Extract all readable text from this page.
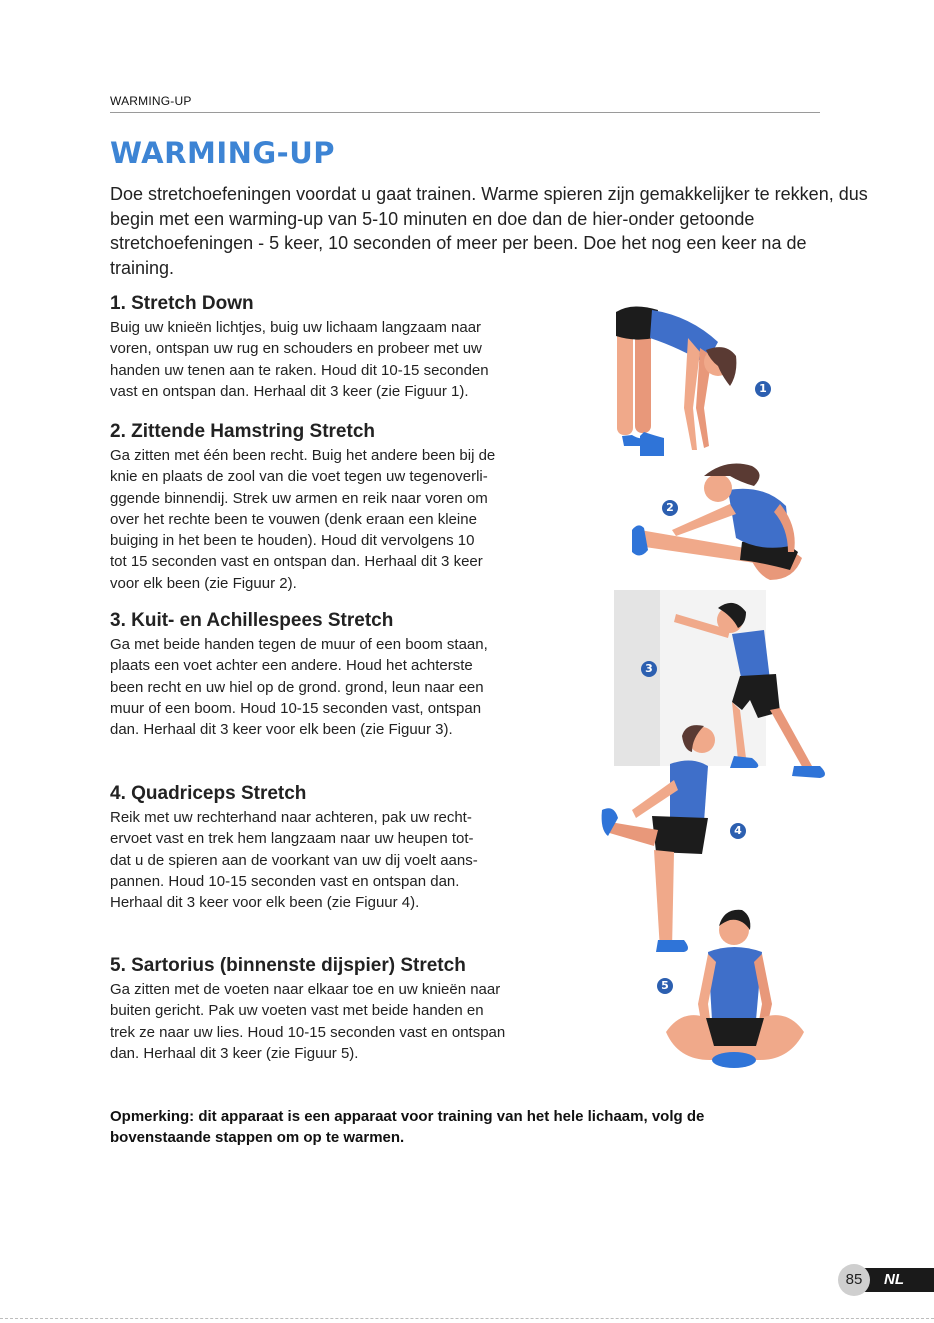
WARMING-UP
WARMING-UP

Doe stretchoefeningen voordat u gaat trainen. Warme spieren zijn gemakkelijker te rekken, dus begin met een warming-up van 5-10 minuten en doe dan de hier-onder getoonde stretchoefeningen - 5 keer, 10 seconden of meer per been. Doe het nog een keer na de training.

1. Stretch Down

Buig uw knieën lichtjes, buig uw lichaam langzaam naar
voren, ontspan uw rug en schouders en probeer met uw
handen uw tenen aan te raken. Houd dit 10-15 seconden
vast en ontspan dan. Herhaal dit 3 keer (zie Figuur 1).

2. Zittende Hamstring Stretch

Ga zitten met één been recht. Buig het andere been bij de
knie en plaats de zool van die voet tegen uw tegenoverli-
ggende binnendij. Strek uw armen en reik naar voren om
over het rechte been te vouwen (denk eraan een kleine
buiging in het been te houden). Houd dit vervolgens 10
tot 15 seconden vast en ontspan dan. Herhaal dit 3 keer
voor elk been (zie Figuur 2).

3. Kuit- en Achillespees Stretch

Ga met beide handen tegen de muur of een boom staan,
plaats een voet achter een andere. Houd het achterste
been recht en uw hiel op de grond. grond, leun naar een
muur of een boom. Houd 10-15 seconden vast, ontspan
dan. Herhaal dit 3 keer voor elk been (zie Figuur 3).

4. Quadriceps Stretch

Reik met uw rechterhand naar achteren, pak uw recht-
ervoet vast en trek hem langzaam naar uw heupen tot-
dat u de spieren aan de voorkant van uw dij voelt aans-
pannen. Houd 10-15 seconden vast en ontspan dan.
Herhaal dit 3 keer voor elk been (zie Figuur 4).

5. Sartorius (binnenste dijspier) Stretch

Ga zitten met de voeten naar elkaar toe en uw knieën naar
buiten gericht. Pak uw voeten vast met beide handen en
trek ze naar uw lies. Houd 10-15 seconden vast en ontspan
dan. Herhaal dit 3 keer (zie Figuur 5).

1
2
3
4
5

Opmerking: dit apparaat is een apparaat voor training van het hele lichaam, volg de
bovenstaande stappen om op te warmen.

85	NL
